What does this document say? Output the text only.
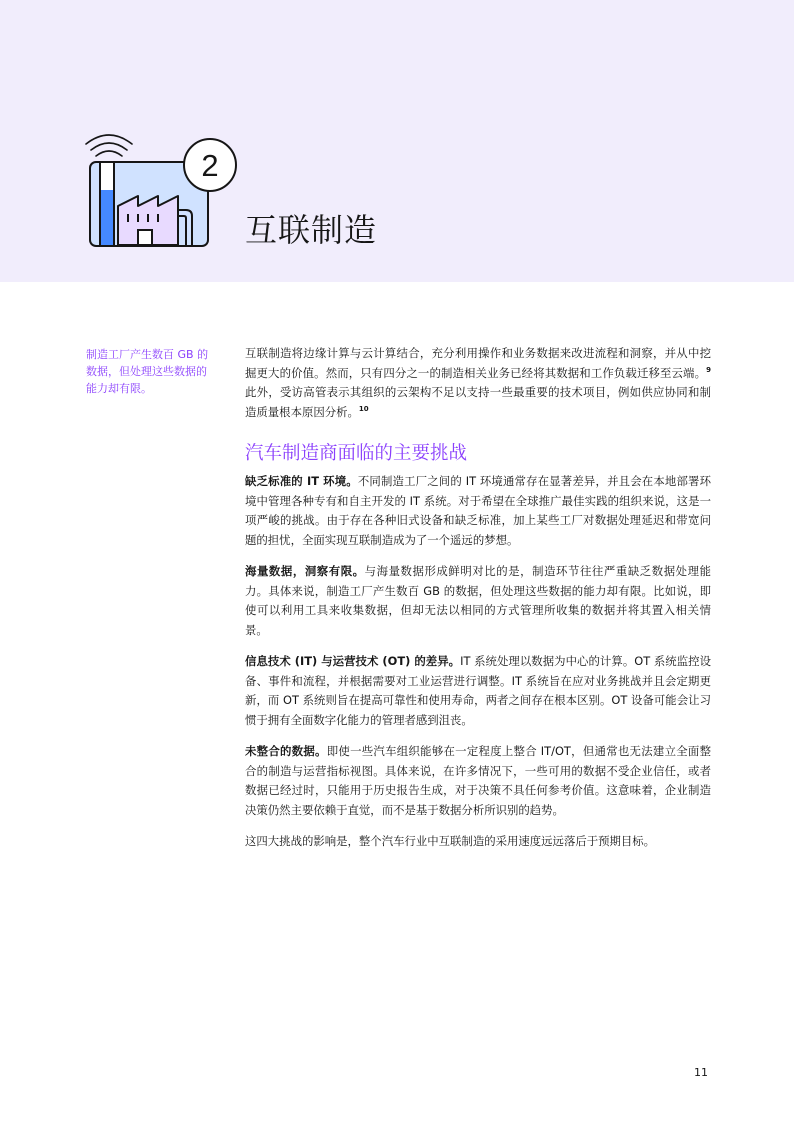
2
互联制造

制造工厂产生数百 GB 的数据，但处理这些数据的能力却有限。

互联制造将边缘计算与云计算结合，充分利用操作和业务数据来改进流程和洞察，并从中挖掘更大的价值。然而，只有四分之一的制造相关业务已经将其数据和工作负载迁移至云端。$^9$ 此外，受访高管表示其组织的云架构不足以支持一些最重要的技术项目，例如供应协同和制造质量根本原因分析。$^{10}$

汽车制造商面临的主要挑战

缺乏标准的 IT 环境。不同制造工厂之间的 IT 环境通常存在显著差异，并且会在本地部署环境中管理各种专有和自主开发的 IT 系统。对于希望在全球推广最佳实践的组织来说，这是一项严峻的挑战。由于存在各种旧式设备和缺乏标准，加上某些工厂对数据处理延迟和带宽问题的担忧，全面实现互联制造成为了一个遥远的梦想。

海量数据，洞察有限。与海量数据形成鲜明对比的是，制造环节往往严重缺乏数据处理能力。具体来说，制造工厂产生数百 GB 的数据，但处理这些数据的能力却有限。比如说，即使可以利用工具来收集数据，但却无法以相同的方式管理所收集的数据并将其置入相关情景。

信息技术 (IT) 与运营技术 (OT) 的差异。IT 系统处理以数据为中心的计算。OT 系统监控设备、事件和流程，并根据需要对工业运营进行调整。IT 系统旨在应对业务挑战并且会定期更新，而 OT 系统则旨在提高可靠性和使用寿命，两者之间存在根本区别。OT 设备可能会让习惯于拥有全面数字化能力的管理者感到沮丧。

未整合的数据。即使一些汽车组织能够在一定程度上整合 IT/OT，但通常也无法建立全面整合的制造与运营指标视图。具体来说，在许多情况下，一些可用的数据不受企业信任，或者数据已经过时，只能用于历史报告生成，对于决策不具任何参考价值。这意味着，企业制造决策仍然主要依赖于直觉，而不是基于数据分析所识别的趋势。

这四大挑战的影响是，整个汽车行业中互联制造的采用速度远远落后于预期目标。

11
